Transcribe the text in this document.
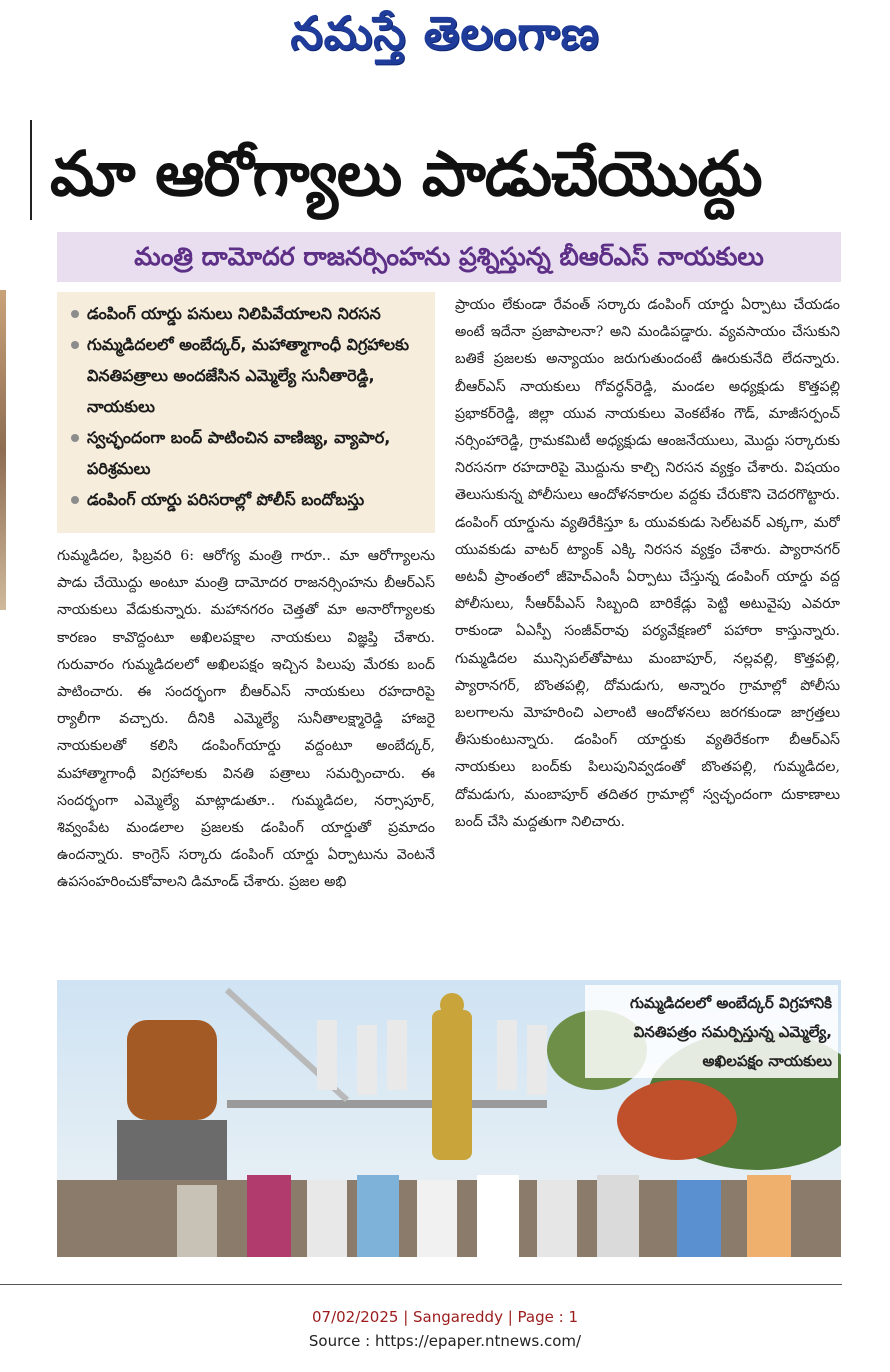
నమస్తే తెలంగాణ
మా ఆరోగ్యాలు పాడుచేయొద్దు
మంత్రి దామోదర రాజనర్సింహను ప్రశ్నిస్తున్న బీఆర్ఎస్ నాయకులు
డంపింగ్ యార్డు పనులు నిలిపివేయాలని నిరసన
గుమ్మడిదలలో అంబేద్కర్, మహాత్మాగాంధీ విగ్రహాలకు వినతిపత్రాలు అందజేసిన ఎమ్మెల్యే సునీతారెడ్డి, నాయకులు
స్వచ్ఛందంగా బంద్ పాటించిన వాణిజ్య, వ్యాపార, పరిశ్రమలు
డంపింగ్ యార్డు పరిసరాల్లో పోలీస్ బందోబస్తు
గుమ్మడిదల, ఫిబ్రవరి 6: ఆరోగ్య మంత్రి గారూ.. మా ఆరోగ్యాలను పాడు చేయొద్దు అంటూ మంత్రి దామోదర రాజనర్సింహను బీఆర్ఎస్ నాయకులు వేడుకున్నారు. మహానగరం చెత్తతో మా అనారోగ్యాలకు కారణం కావొద్దంటూ అఖిలపక్షాల నాయకులు విజ్ఞప్తి చేశారు. గురువారం గుమ్మడిదలలో అఖిలపక్షం ఇచ్చిన పిలుపు మేరకు బంద్ పాటించారు. ఈ సందర్భంగా బీఆర్ఎస్ నాయకులు రహదారిపై ర్యాలీగా వచ్చారు. దీనికి ఎమ్మెల్యే సునీతాలక్ష్మారెడ్డి హాజరై నాయకులతో కలిసి డంపింగ్‌యార్డు వద్దంటూ అంబేద్కర్, మహాత్మాగాంధీ విగ్రహాలకు వినతి పత్రాలు సమర్పించారు. ఈ సందర్భంగా ఎమ్మెల్యే మాట్లాడుతూ.. గుమ్మడిదల, నర్సాపూర్, శివ్వంపేట మండలాల ప్రజలకు డంపింగ్ యార్డుతో ప్రమాదం ఉందన్నారు. కాంగ్రెస్ సర్కారు డంపింగ్ యార్డు ఏర్పాటును వెంటనే ఉపసంహరించుకోవాలని డిమాండ్ చేశారు. ప్రజల అభి
ప్రాయం లేకుండా రేవంత్ సర్కారు డంపింగ్ యార్డు ఏర్పాటు చేయడం అంటే ఇదేనా ప్రజాపాలనా? అని మండిపడ్డారు. వ్యవసాయం చేసుకుని బతికే ప్రజలకు అన్యాయం జరుగుతుందంటే ఊరుకునేది లేదన్నారు. బీఆర్ఎస్ నాయకులు గోవర్ధన్‌రెడ్డి, మండల అధ్యక్షుడు కొత్తపల్లి ప్రభాకర్‌రెడ్డి, జిల్లా యువ నాయకులు వెంకటేశం గౌడ్, మాజీసర్పంచ్ నర్సింహారెడ్డి, గ్రామకమిటీ అధ్యక్షుడు ఆంజనేయులు, మొద్దు సర్కారుకు నిరసనగా రహదారిపై మొద్దును కాల్చి నిరసన వ్యక్తం చేశారు. విషయం తెలుసుకున్న పోలీసులు ఆందోళనకారుల వద్దకు చేరుకొని చెదరగొట్టారు. డంపింగ్ యార్డును వ్యతిరేకిస్తూ ఓ యువకుడు సెల్‌టవర్ ఎక్కగా, మరో యువకుడు వాటర్ ట్యాంక్ ఎక్కి నిరసన వ్యక్తం చేశారు. ప్యారానగర్ అటవీ ప్రాంతంలో జీహెచ్ఎంసీ ఏర్పాటు చేస్తున్న డంపింగ్ యార్డు వద్ద పోలీసులు, సీఆర్‌పీఎస్ సిబ్బంది బారికేడ్లు పెట్టి అటువైపు ఎవరూ రాకుండా ఏఎస్పీ సంజీవ్‌రావు పర్యవేక్షణలో పహారా కాస్తున్నారు. గుమ్మడిదల మున్సిపల్‌తోపాటు మంబాపూర్, నల్లవల్లి, కొత్తపల్లి, ప్యారానగర్, బొంతపల్లి, దోమడుగు, అన్నారం గ్రామాల్లో పోలీసు బలగాలను మోహరించి ఎలాంటి ఆందోళనలు జరగకుండా జాగ్రత్తలు తీసుకుంటున్నారు. డంపింగ్ యార్డుకు వ్యతిరేకంగా బీఆర్ఎస్ నాయకులు బంద్‌కు పిలుపునివ్వడంతో బొంతపల్లి, గుమ్మడిదల, దోమడుగు, మంబాపూర్ తదితర గ్రామాల్లో స్వచ్ఛందంగా దుకాణాలు బంద్ చేసి మద్దతుగా నిలిచారు.
గుమ్మడిదలలో అంబేద్కర్ విగ్రహానికి వినతిపత్రం సమర్పిస్తున్న ఎమ్మెల్యే, అఖిలపక్షం నాయకులు
07/02/2025 | Sangareddy | Page : 1
Source : https://epaper.ntnews.com/
